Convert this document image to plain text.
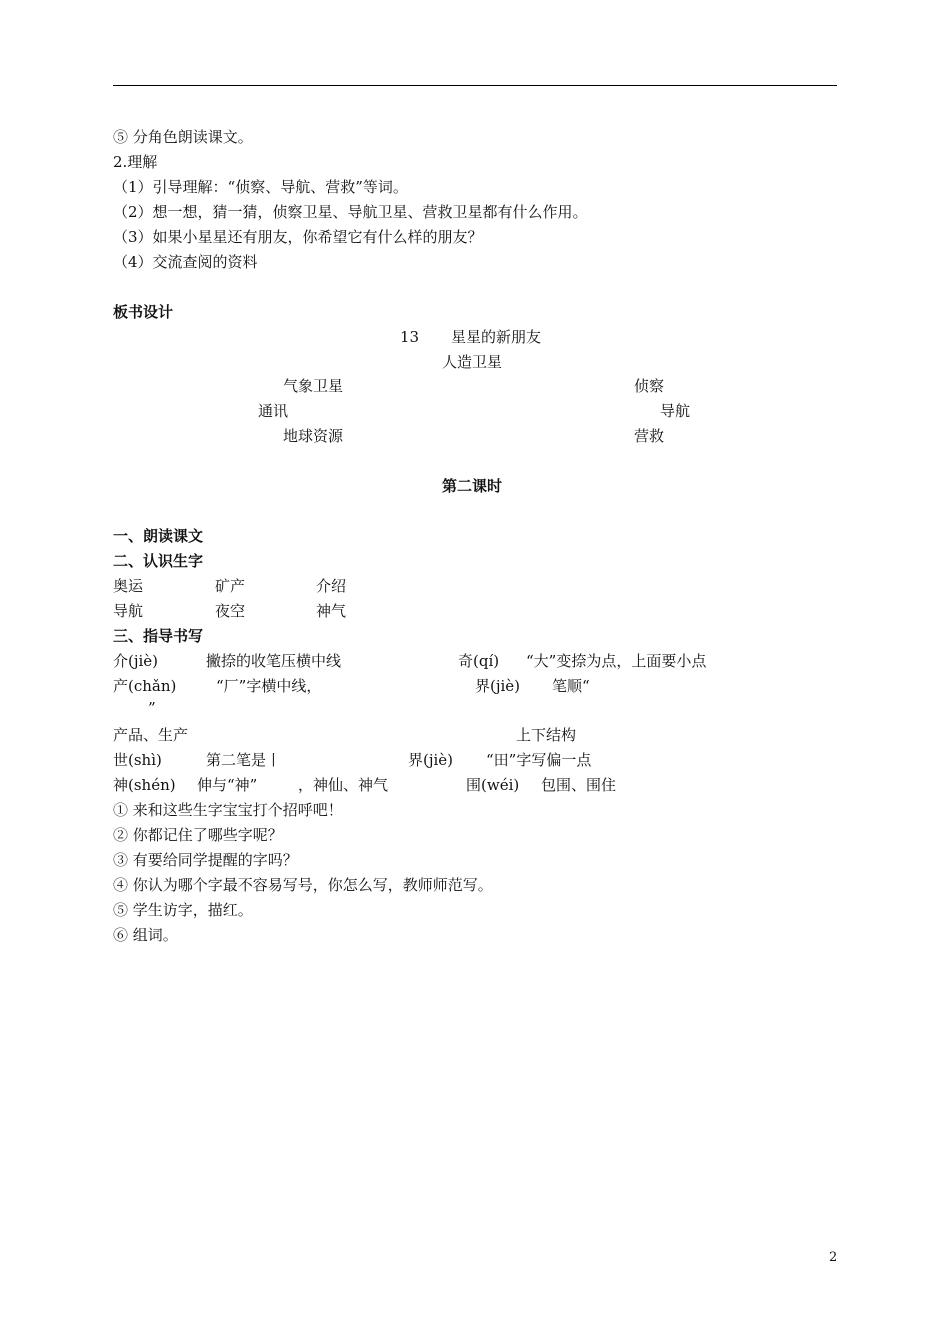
⑤ 分角色朗读课文。
2.理解
（1）引导理解：“侦察、导航、营救”等词。
（2）想一想，猜一猜，侦察卫星、导航卫星、营救卫星都有什么作用。
（3）如果小星星还有朋友，你希望它有什么样的朋友？
（4）交流查阅的资料
板书设计
13 星星的新朋友
人造卫星
气象卫星	侦察
通讯	导航
地球资源	营救
第二课时
一、朗读课文
二、认识生字
奥运	矿产	介绍
导航	夜空	神气
三、指导书写
介(jiè)	撇捺的收笔压横中线	奇(qí) “大”变捺为点，上面要小点
产(chǎn)	“厂”字横中线，	界(jiè) 笔顺“
”
产品、生产	上下结构
世(shì)	第二笔是丨	界(jiè) “田”字写偏一点
神(shén) 伸与“神”	，神仙、神气	围(wéi) 包围、围住
① 来和这些生字宝宝打个招呼吧！
② 你都记住了哪些字呢？
③ 有要给同学提醒的字吗？
④ 你认为哪个字最不容易写号，你怎么写，教师师范写。
⑤ 学生访字，描红。
⑥ 组词。
2
